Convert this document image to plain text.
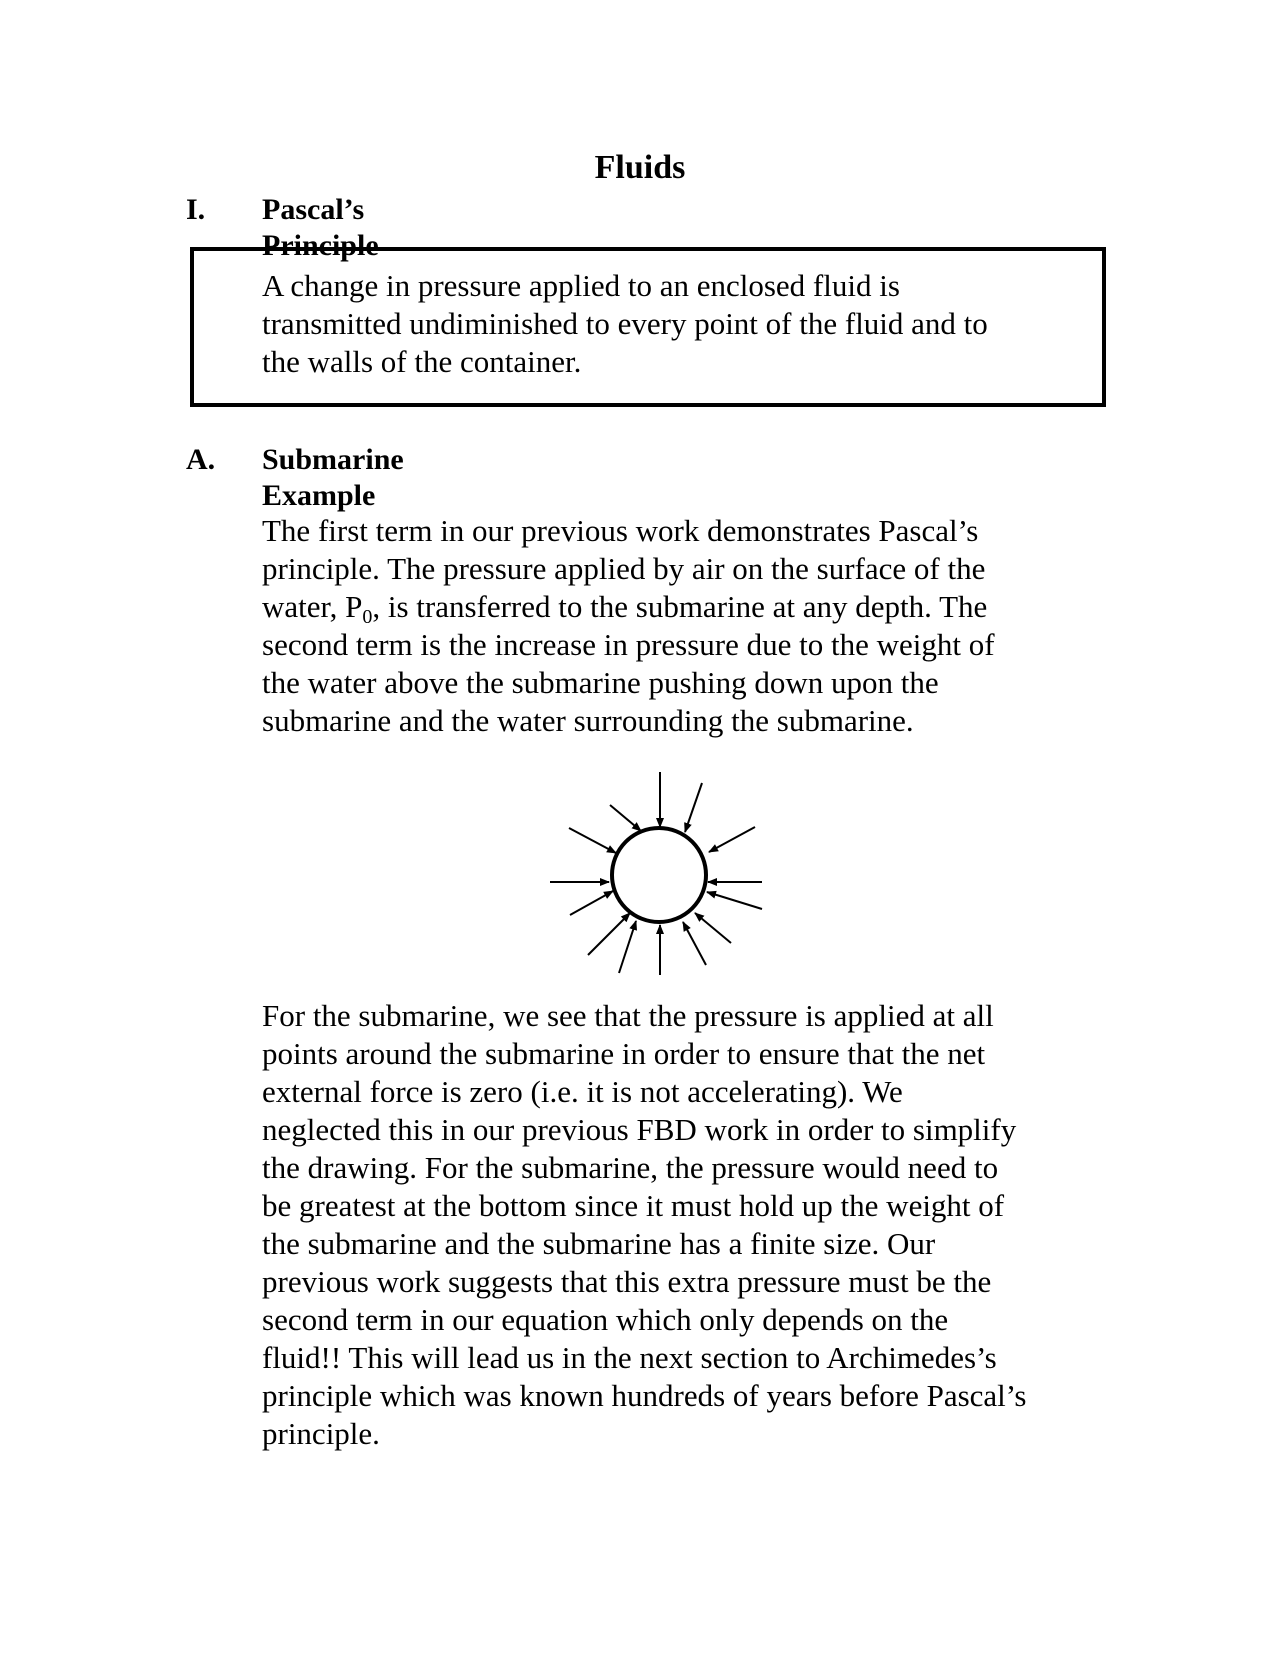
Fluids
I. Pascal’s Principle

A change in pressure applied to an enclosed fluid is
transmitted undiminished to every point of the fluid and to
the walls of the container.

A. Submarine Example

The first term in our previous work demonstrates Pascal’s
principle. The pressure applied by air on the surface of the
water, $P_0$, is transferred to the submarine at any depth. The
second term is the increase in pressure due to the weight of
the water above the submarine pushing down upon the
submarine and the water surrounding the submarine.

For the submarine, we see that the pressure is applied at all
points around the submarine in order to ensure that the net
external force is zero (i.e. it is not accelerating). We
neglected this in our previous FBD work in order to simplify
the drawing. For the submarine, the pressure would need to
be greatest at the bottom since it must hold up the weight of
the submarine and the submarine has a finite size. Our
previous work suggests that this extra pressure must be the
second term in our equation which only depends on the
fluid!! This will lead us in the next section to Archimedes’s
principle which was known hundreds of years before Pascal’s
principle.
